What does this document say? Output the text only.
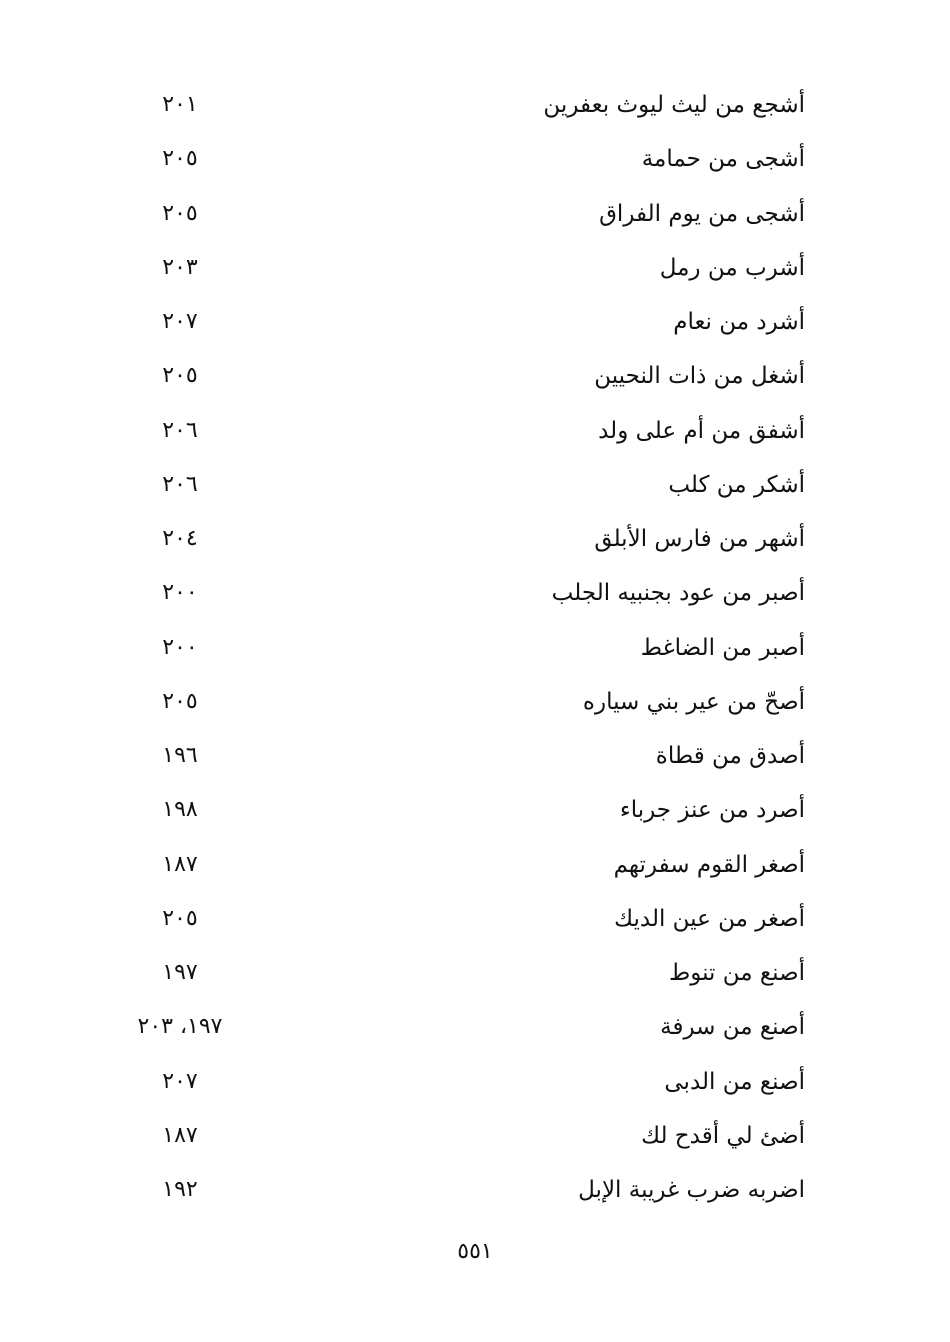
أشجع من ليث ليوث بعفرين
٢٠١
أشجى من حمامة
٢٠٥
أشجى من يوم الفراق
٢٠٥
أشرب من رمل
٢٠٣
أشرد من نعام
٢٠٧
أشغل من ذات النحيين
٢٠٥
أشفق من أم على ولد
٢٠٦
أشكر من كلب
٢٠٦
أشهر من فارس الأبلق
٢٠٤
أصبر من عود بجنبيه الجلب
٢٠٠
أصبر من الضاغط
٢٠٠
أصحّ من عير بني سياره
٢٠٥
أصدق من قطاة
١٩٦
أصرد من عنز جرباء
١٩٨
أصغر القوم سفرتهم
١٨٧
أصغر من عين الديك
٢٠٥
أصنع من تنوط
١٩٧
أصنع من سرفة
١٩٧، ٢٠٣
أصنع من الدبى
٢٠٧
أضئ لي أقدح لك
١٨٧
اضربه ضرب غريبة الإبل
١٩٢
٥٥١
